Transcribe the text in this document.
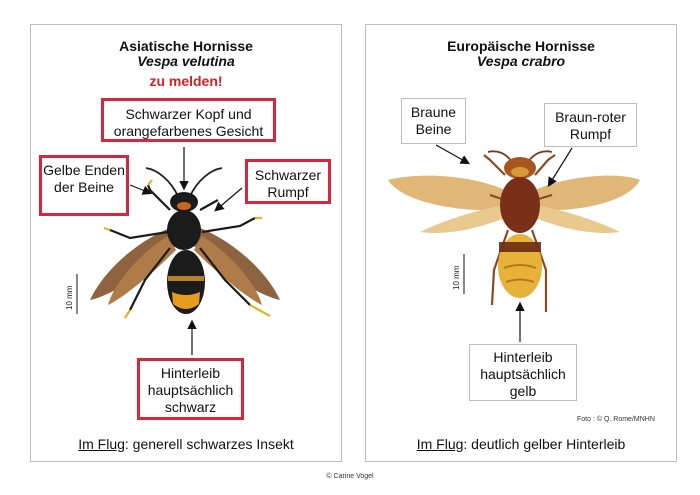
Asiatische Hornisse
Vespa velutina
zu melden!
Schwarzer Kopf und orangefarbenes Gesicht
Gelbe Enden der Beine
Schwarzer Rumpf
Hinterleib hauptsächlich schwarz
Im Flug: generell schwarzes Insekt
10 mm
Europäische Hornisse
Vespa crabro
Braune Beine
Braun-roter Rumpf
Hinterleib hauptsächlich gelb
Foto : © Q. Rome/MNHN
Im Flug: deutlich gelber Hinterleib
10 mm
© Carine Vogel
